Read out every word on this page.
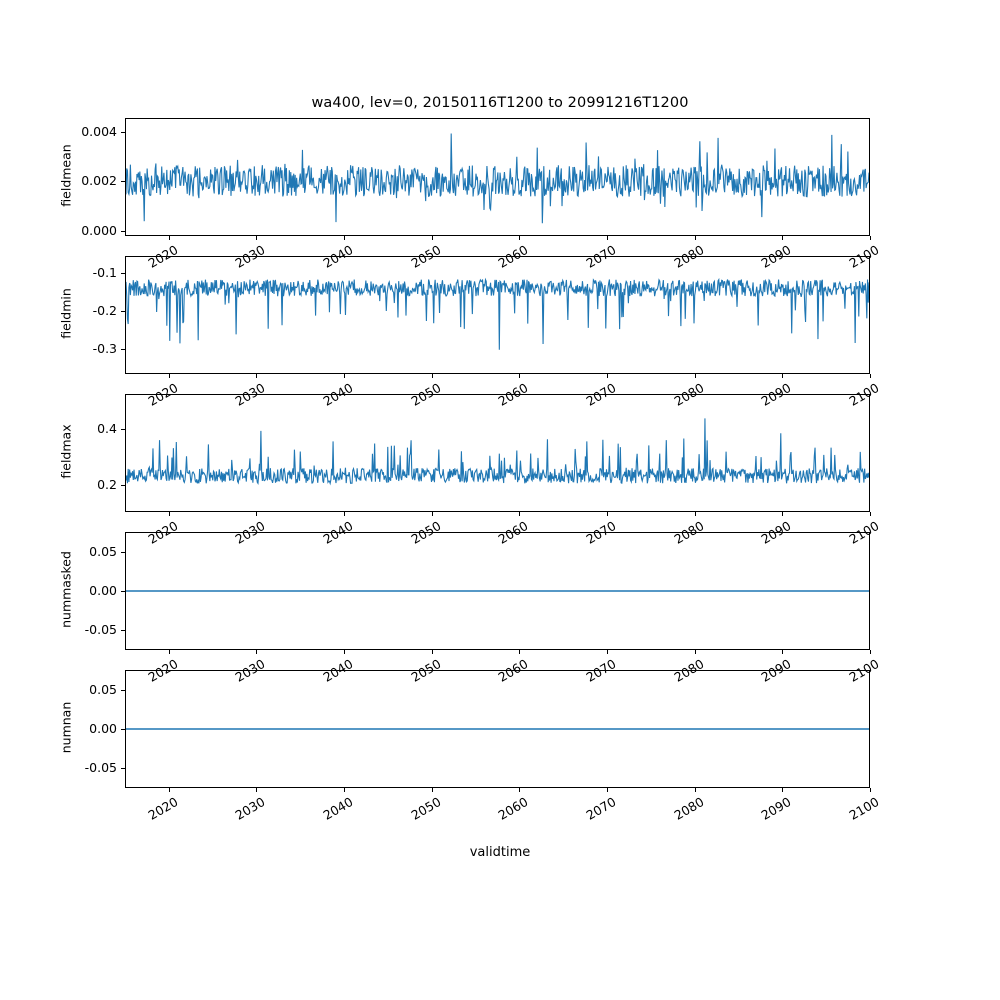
wa400, lev=0, 20150116T1200 to 20991216T1200
fieldmean
0.000
0.002
0.004
2020	2030	2040	2050	2060	2070	2080	2090	2100
fieldmin
-0.3
-0.2
-0.1
2020	2030	2040	2050	2060	2070	2080	2090	2100
fieldmax
0.2
0.4
2020	2030	2040	2050	2060	2070	2080	2090	2100
nummasked
-0.05
0.00
0.05
2020	2030	2040	2050	2060	2070	2080	2090	2100
numnan
-0.05
0.00
0.05
2020	2030	2040	2050	2060	2070	2080	2090	2100
validtime
